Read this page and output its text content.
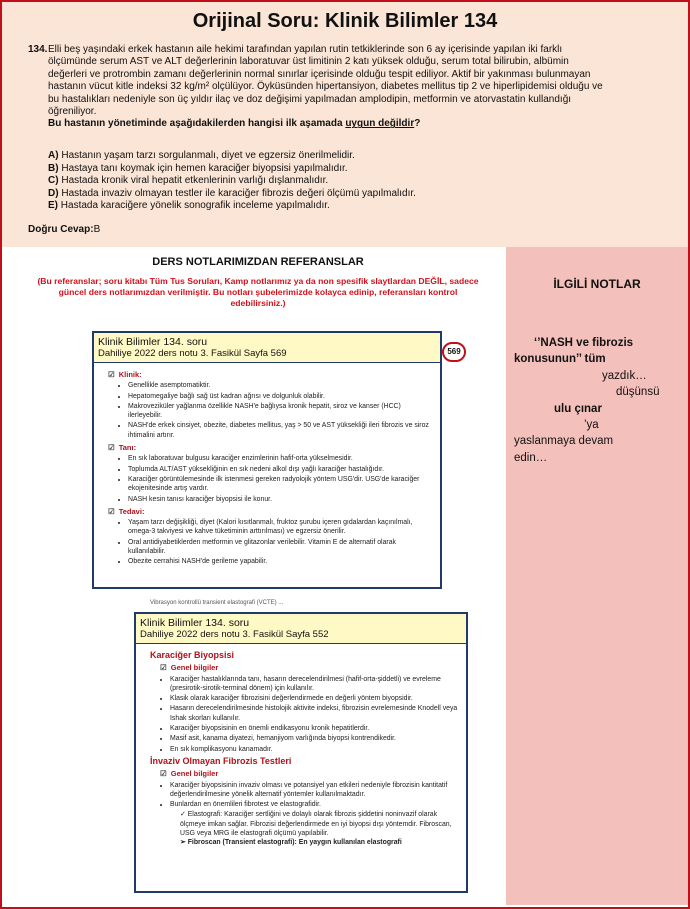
Orijinal Soru: Klinik Bilimler 134
134. Elli beş yaşındaki erkek hastanın aile hekimi tarafından yapılan rutin tetkiklerinde son 6 ay içerisinde yapılan iki farklı
ölçümünde serum AST ve ALT değerlerinin laboratuvar üst limitinin 2 katı yüksek olduğu, serum total bilirubin, albümin
değerleri ve protrombin zamanı değerlerinin normal sınırlar içerisinde olduğu tespit ediliyor. Aktif bir yakınması bulunmayan
hastanın vücut kitle indeksi 32 kg/m² olçülüyor. Öyküsünden hipertansiyon, diabetes mellitus tip 2 ve hiperlipidemisi olduğu ve
bu hastalıkları nedeniyle son üç yıldır ilaç ve doz değişimi yapılmadan amplodipin, metformin ve atorvastatin kullandığı
öğreniliyor.
Bu hastanın yönetiminde aşağıdakilerden hangisi ilk aşamada uygun değildir?
A) Hastanın yaşam tarzı sorgulanmalı, diyet ve egzersiz önerilmelidir.
B) Hastaya tanı koymak için hemen karaciğer biyopsisi yapılmalıdır.
C) Hastada kronik viral hepatit etkenlerinin varlığı dışlanmalıdır.
D) Hastada invaziv olmayan testler ile karaciğer fibrozis değeri ölçümü yapılmalıdır.
E) Hastada karaciğere yönelik sonografik inceleme yapılmalıdır.
Doğru Cevap:B
DERS NOTLARIMIZDAN REFERANSLAR
(Bu referanslar; soru kitabı Tüm Tus Soruları, Kamp notlarımız ya da non spesifik slaytlardan DEĞİL, sadece güncel ders notlarımızdan verilmiştir. Bu notları şubelerimizde kolayca edinip, referansları kontrol edebilirsiniz.)
İLGİLİ NOTLAR
‘’NASH ve fibrozis
konusunun’’ tüm
yazdık…
düşünsü
ulu çınar
’ya
yaslanmaya devam
edin…
569
Klinik Bilimler 134. soru
Dahiliye 2022 ders notu 3. Fasikül Sayfa 569
☑ Klinik:
• Genellikle asemptomatiktir.
• Hepatomegaliye bağlı sağ üst kadran ağrısı ve dolgunluk olabilir.
• Makroveziküler yağlanma özellikle NASH'e bağlıysa kronik hepatit, siroz ve kanser (HCC) ilerleyebilir.
• NASH'de erkek cinsiyet, obezite, diabetes mellitus, yaş > 50 ve AST yüksekliği ileri fibrozis ve siroz ihtimalini artırır.
☑ Tanı:
• En sık laboratuvar bulgusu karaciğer enzimlerinin hafif-orta yükselmesidir.
• Toplumda ALT/AST yüksekliğinin en sık nedeni alkol dışı yağlı karaciğer hastalığıdır.
• Karaciğer görüntülemesinde ilk istenmesi gereken radyolojik yöntem USG'dir. USG'de karaciğer ekojenitesinde artış vardır.
• NASH kesin tanısı karaciğer biyopsisi ile konur.
☑ Tedavi:
• Yaşam tarzı değişikliği, diyet (Kalori kısıtlanmalı, fruktoz şurubu içeren gıdalardan kaçınılmalı, omega-3 takviyesi ve kahve tüketiminin arttırılması) ve egzersiz önerilir.
• Oral antidiyabetiklerden metformin ve glitazonlar verilebilir. Vitamin E de alternatif olarak kullanılabilir.
• Obezite cerrahisi NASH'de gerileme yapabilir.
Vibrasyon kontrollü transient elastografi (VCTE) ...
Klinik Bilimler 134. soru
Dahiliye 2022 ders notu 3. Fasikül Sayfa 552
Karaciğer Biyopsisi
☑ Genel bilgiler
• Karaciğer hastalıklarında tanı, hasarın derecelendirilmesi (hafif-orta-şiddetli) ve evreleme (presirotik-sirotik-terminal dönem) için kullanılır.
• Klasik olarak karaciğer fibrozisini değerlendirmede en değerli yöntem biyopsidir.
• Hasarın derecelendirilmesinde histolojik aktivite indeksi, fibrozisin evrelemesinde Knodell veya Ishak skorları kullanılır.
• Karaciğer biyopsisinin en önemli endikasyonu kronik hepatitlerdir.
• Masif asit, kanama diyatezi, hemanjiyom varlığında biyopsi kontrendikedir.
• En sık komplikasyonu kanamadır.
İnvaziv Olmayan Fibrozis Testleri
☑ Genel bilgiler
• Karaciğer biyopsisinin invaziv olması ve potansiyel yan etkileri nedeniyle fibrozisin kantitatif değerlendirilmesine yönelik alternatif yöntemler kullanılmaktadır.
• Bunlardan en önemlileri fibrotest ve elastografidir.
✓ Elastografi: Karaciğer sertliğini ve dolaylı olarak fibrozis şiddetini noninvazif olarak ölçmeye imkan sağlar. Fibrozisi değerlendirmede en iyi biyopsi dışı yöntemdir. Fibroscan, USG veya MRG ile elastografi ölçümü yapılabilir.
➢ Fibroscan (Transient elastografi): En yaygın kullanılan elastografi
